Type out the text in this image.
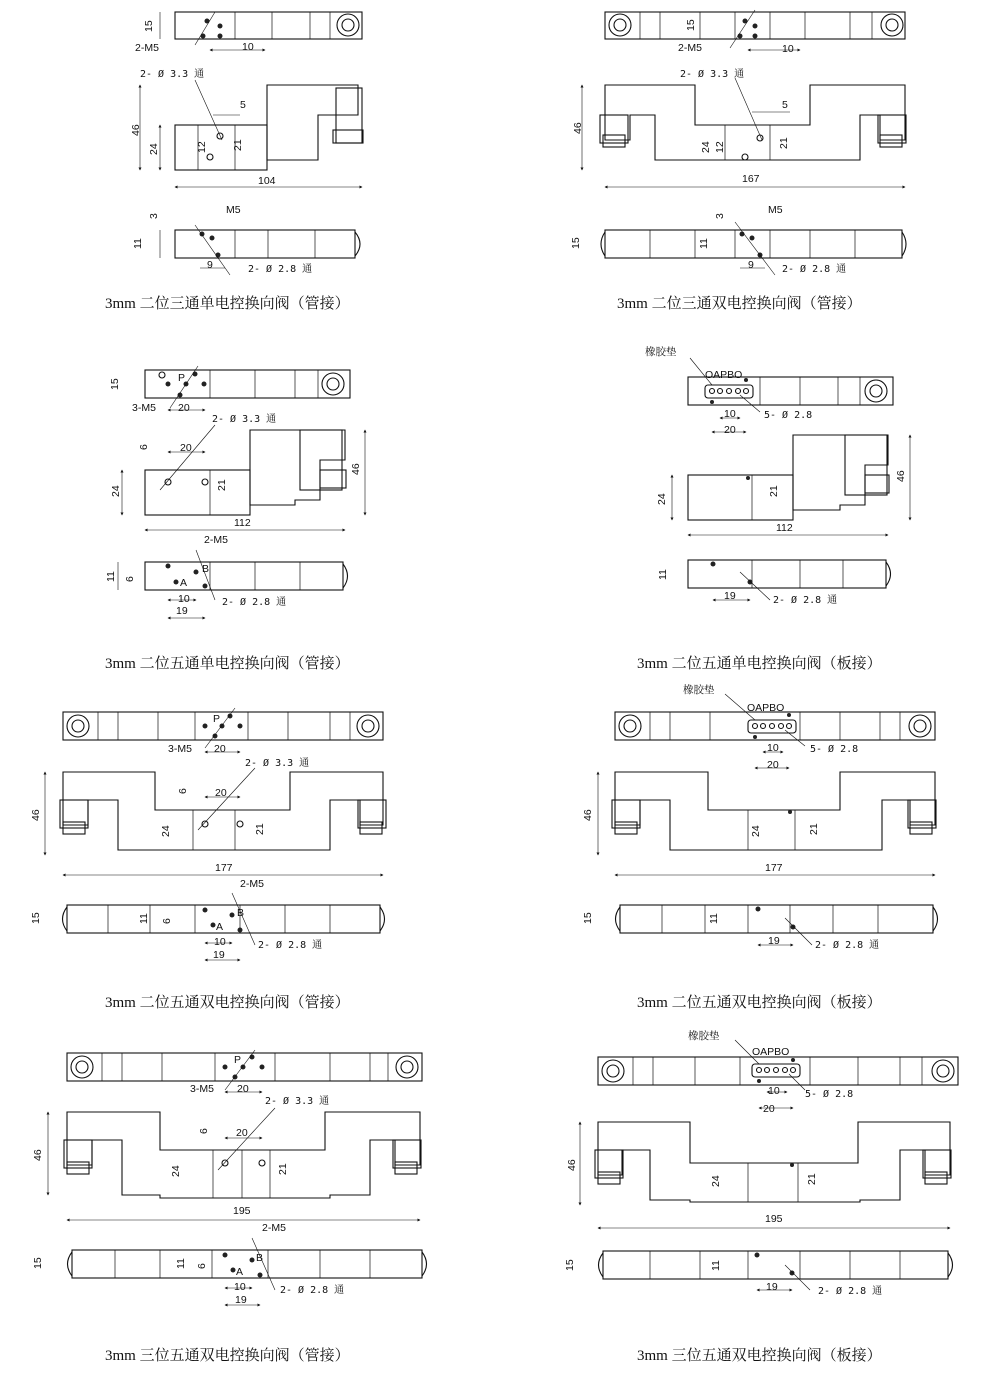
15
2-M5	10
2- Ø 3.3 通
5
46
24	12 21
104
M5
3
11
9	2- Ø 2.8 通
3mm 二位三通单电控换向阀（管接）
15
2-M5	10
2- Ø 3.3 通
5
46
24 12	21
167
M5
3
15	11
9	2- Ø 2.8 通
3mm 二位三通双电控换向阀（管接）
15
P
3-M5 20
2- Ø 3.3 通
6	20
24
21
46
112
2-M5
B
A
11 6
10
19
2- Ø 2.8 通
3mm 二位五通单电控换向阀（管接）
橡胶垫
OAPBO
10
20
5- Ø 2.8
24
21
46
112
11
19	2- Ø 2.8 通
3mm 二位五通单电控换向阀（板接）
P
3-M5 20
2- Ø 3.3 通
6 20
46
24	21
177
2-M5
B
A
15	11 6
10
19
2- Ø 2.8 通
3mm 二位五通双电控换向阀（管接）
橡胶垫
OAPBO
10
20
5- Ø 2.8
46
24	21
177
15	11
19	2- Ø 2.8 通
3mm 二位五通双电控换向阀（板接）
P
3-M5 20
2- Ø 3.3 通
6 20
46
24	21
195
2-M5
B
A
15	11 6
10
19
2- Ø 2.8 通
3mm 三位五通双电控换向阀（管接）
橡胶垫
OAPBO
10
20
5- Ø 2.8
46
24	21
195
15	11
19	2- Ø 2.8 通
3mm 三位五通双电控换向阀（板接）
